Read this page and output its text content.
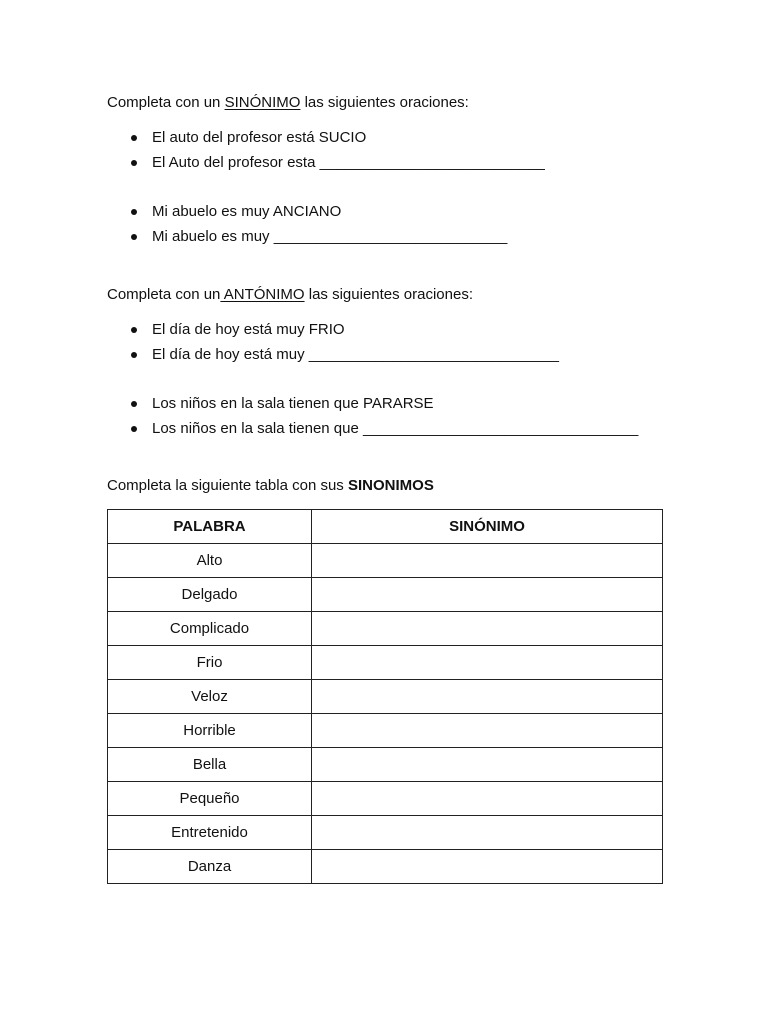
Completa con un SINÓNIMO las siguientes oraciones:

El auto del profesor está SUCIO
El Auto del profesor esta ___________________________
Mi abuelo es muy ANCIANO
Mi abuelo es muy ____________________________

Completa con un ANTÓNIMO las siguientes oraciones:

El día de hoy está muy FRIO
El día de hoy está muy ______________________________
Los niños en la sala tienen que PARARSE
Los niños en la sala tienen que _________________________________

Completa la siguiente tabla con sus SINONIMOS

PALABRA	SINÓNIMO
Alto	
Delgado	
Complicado	
Frio	
Veloz	
Horrible	
Bella	
Pequeño	
Entretenido	
Danza	
